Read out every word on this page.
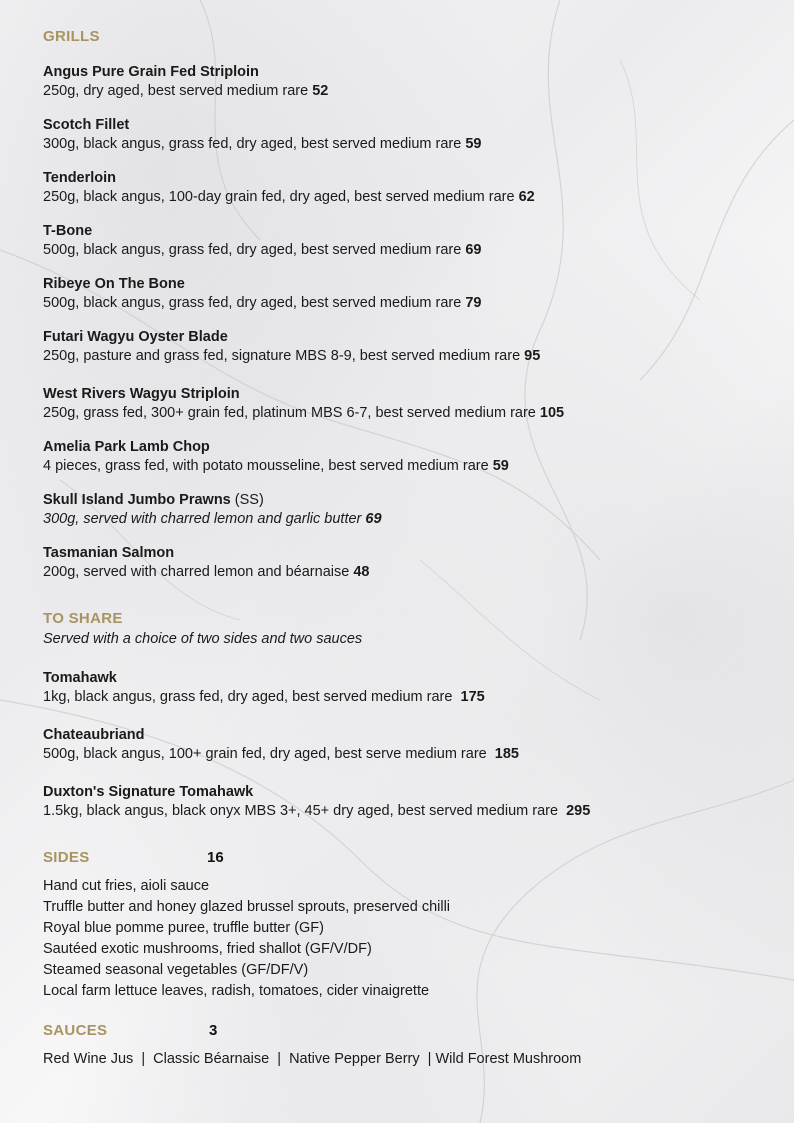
GRILLS
Angus Pure Grain Fed Striploin
250g, dry aged, best served medium rare 52
Scotch Fillet
300g, black angus, grass fed, dry aged, best served medium rare 59
Tenderloin
250g, black angus, 100-day grain fed, dry aged, best served medium rare 62
T-Bone
500g, black angus, grass fed, dry aged, best served medium rare 69
Ribeye On The Bone
500g, black angus, grass fed, dry aged, best served medium rare 79
Futari Wagyu Oyster Blade
250g, pasture and grass fed, signature MBS 8-9, best served medium rare 95
West Rivers Wagyu Striploin
250g, grass fed, 300+ grain fed, platinum MBS 6-7, best served medium rare 105
Amelia Park Lamb Chop
4 pieces, grass fed, with potato mousseline, best served medium rare 59
Skull Island Jumbo Prawns (SS)
300g, served with charred lemon and garlic butter 69
Tasmanian Salmon
200g, served with charred lemon and béarnaise 48
TO SHARE
Served with a choice of two sides and two sauces
Tomahawk
1kg, black angus, grass fed, dry aged, best served medium rare  175
Chateaubriand
500g, black angus, 100+ grain fed, dry aged, best serve medium rare  185
Duxton's Signature Tomahawk
1.5kg, black angus, black onyx MBS 3+, 45+ dry aged, best served medium rare  295
SIDES	16
Hand cut fries, aioli sauce
Truffle butter and honey glazed brussel sprouts, preserved chilli
Royal blue pomme puree, truffle butter (GF)
Sautéed exotic mushrooms, fried shallot (GF/V/DF)
Steamed seasonal vegetables (GF/DF/V)
Local farm lettuce leaves, radish, tomatoes, cider vinaigrette
SAUCES	3
Red Wine Jus  |  Classic Béarnaise  |  Native Pepper Berry  | Wild Forest Mushroom
